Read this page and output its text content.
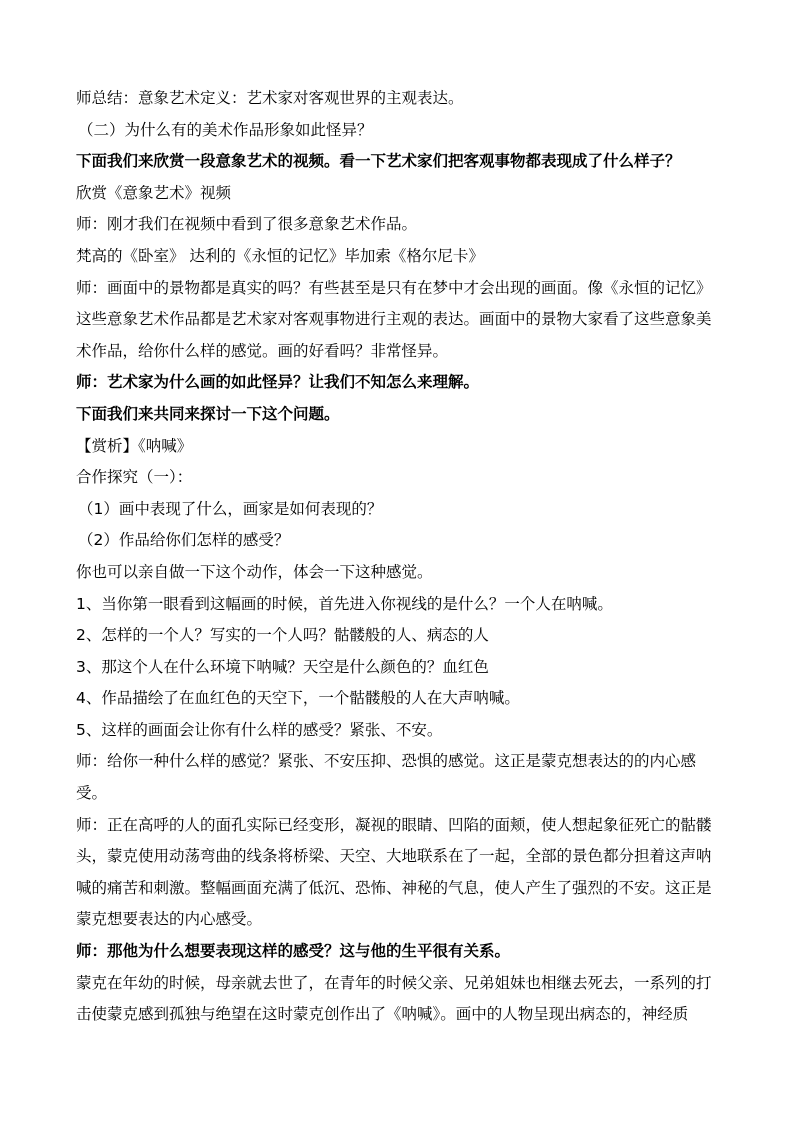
师总结：意象艺术定义：艺术家对客观世界的主观表达。

（二）为什么有的美术作品形象如此怪异？

下面我们来欣赏一段意象艺术的视频。看一下艺术家们把客观事物都表现成了什么样子？

欣赏《意象艺术》视频

师：刚才我们在视频中看到了很多意象艺术作品。

梵高的《卧室》 达利的《永恒的记忆》毕加索《格尔尼卡》

师：画面中的景物都是真实的吗？有些甚至是只有在梦中才会出现的画面。像《永恒的记忆》这些意象艺术作品都是艺术家对客观事物进行主观的表达。画面中的景物大家看了这些意象美术作品，给你什么样的感觉。画的好看吗？非常怪异。

师：艺术家为什么画的如此怪异？让我们不知怎么来理解。

下面我们来共同来探讨一下这个问题。

【赏析】《呐喊》

合作探究（一）：

（1）画中表现了什么，画家是如何表现的？

（2）作品给你们怎样的感受？

你也可以亲自做一下这个动作，体会一下这种感觉。

1、当你第一眼看到这幅画的时候，首先进入你视线的是什么？一个人在呐喊。

2、怎样的一个人？写实的一个人吗？骷髅般的人、病态的人

3、那这个人在什么环境下呐喊？天空是什么颜色的？血红色

4、作品描绘了在血红色的天空下，一个骷髅般的人在大声呐喊。

5、这样的画面会让你有什么样的感受？紧张、不安。

师：给你一种什么样的感觉？紧张、不安压抑、恐惧的感觉。这正是蒙克想表达的的内心感受。

师：正在高呼的人的面孔实际已经变形，凝视的眼睛、凹陷的面颊，使人想起象征死亡的骷髅头，蒙克使用动荡弯曲的线条将桥梁、天空、大地联系在了一起，全部的景色都分担着这声呐喊的痛苦和刺激。整幅画面充满了低沉、恐怖、神秘的气息，使人产生了强烈的不安。这正是蒙克想要表达的内心感受。

师：那他为什么想要表现这样的感受？这与他的生平很有关系。

蒙克在年幼的时候，母亲就去世了，在青年的时候父亲、兄弟姐妹也相继去死去，一系列的打击使蒙克感到孤独与绝望在这时蒙克创作出了《呐喊》。画中的人物呈现出病态的，神经质
